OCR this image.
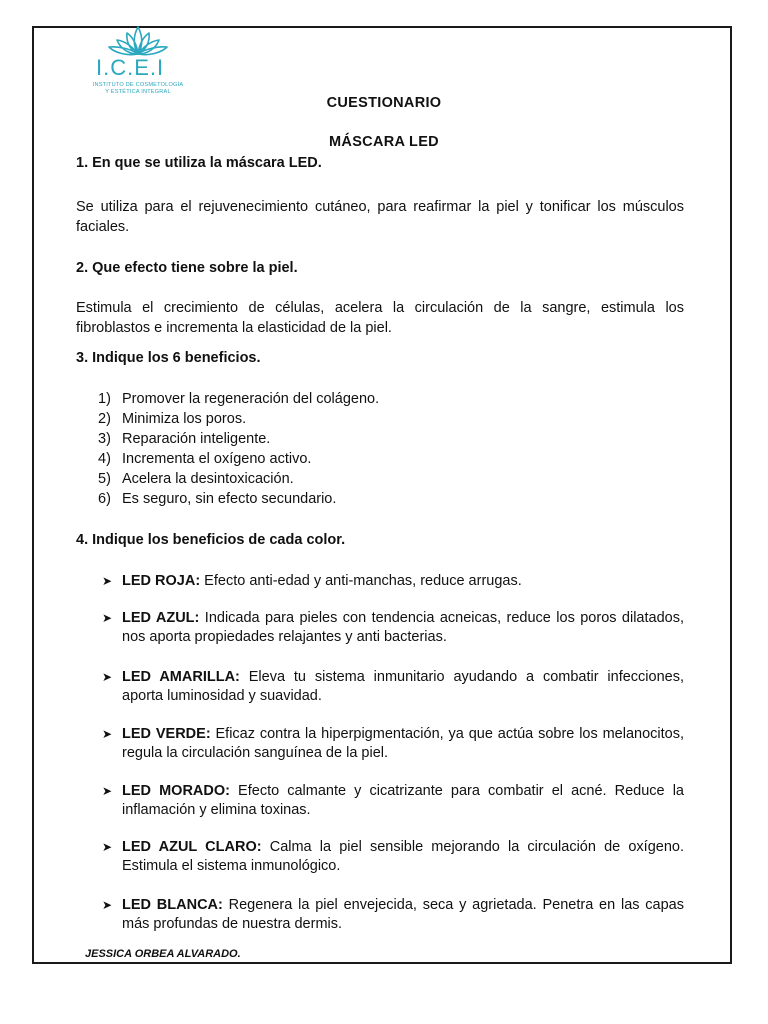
I.C.E.I
INSTITUTO DE COSMETOLOGÍA
Y ESTÉTICA INTEGRAL
CUESTIONARIO
MÁSCARA LED
1. En que se utiliza la máscara LED.
Se utiliza para el rejuvenecimiento cutáneo, para reafirmar la piel y tonificar los músculos faciales.
2. Que efecto tiene sobre la piel.
Estimula el crecimiento de células, acelera la circulación de la sangre, estimula los fibroblastos e incrementa la elasticidad de la piel.
3. Indique los 6 beneficios.
1) Promover la regeneración del colágeno.
2) Minimiza los poros.
3) Reparación inteligente.
4) Incrementa el oxígeno activo.
5) Acelera la desintoxicación.
6) Es seguro, sin efecto secundario.
4. Indique los beneficios de cada color.
➤ LED ROJA: Efecto anti-edad y anti-manchas, reduce arrugas.
➤ LED AZUL: Indicada para pieles con tendencia acneicas, reduce los poros dilatados, nos aporta propiedades relajantes y anti bacterias.
➤ LED AMARILLA: Eleva tu sistema inmunitario ayudando a combatir infecciones, aporta luminosidad y suavidad.
➤ LED VERDE: Eficaz contra la hiperpigmentación, ya que actúa sobre los melanocitos, regula la circulación sanguínea de la piel.
➤ LED MORADO: Efecto calmante y cicatrizante para combatir el acné. Reduce la inflamación y elimina toxinas.
➤ LED AZUL CLARO: Calma la piel sensible mejorando la circulación de oxígeno. Estimula el sistema inmunológico.
➤ LED BLANCA: Regenera la piel envejecida, seca y agrietada. Penetra en las capas más profundas de nuestra dermis.
JESSICA ORBEA ALVARADO.
